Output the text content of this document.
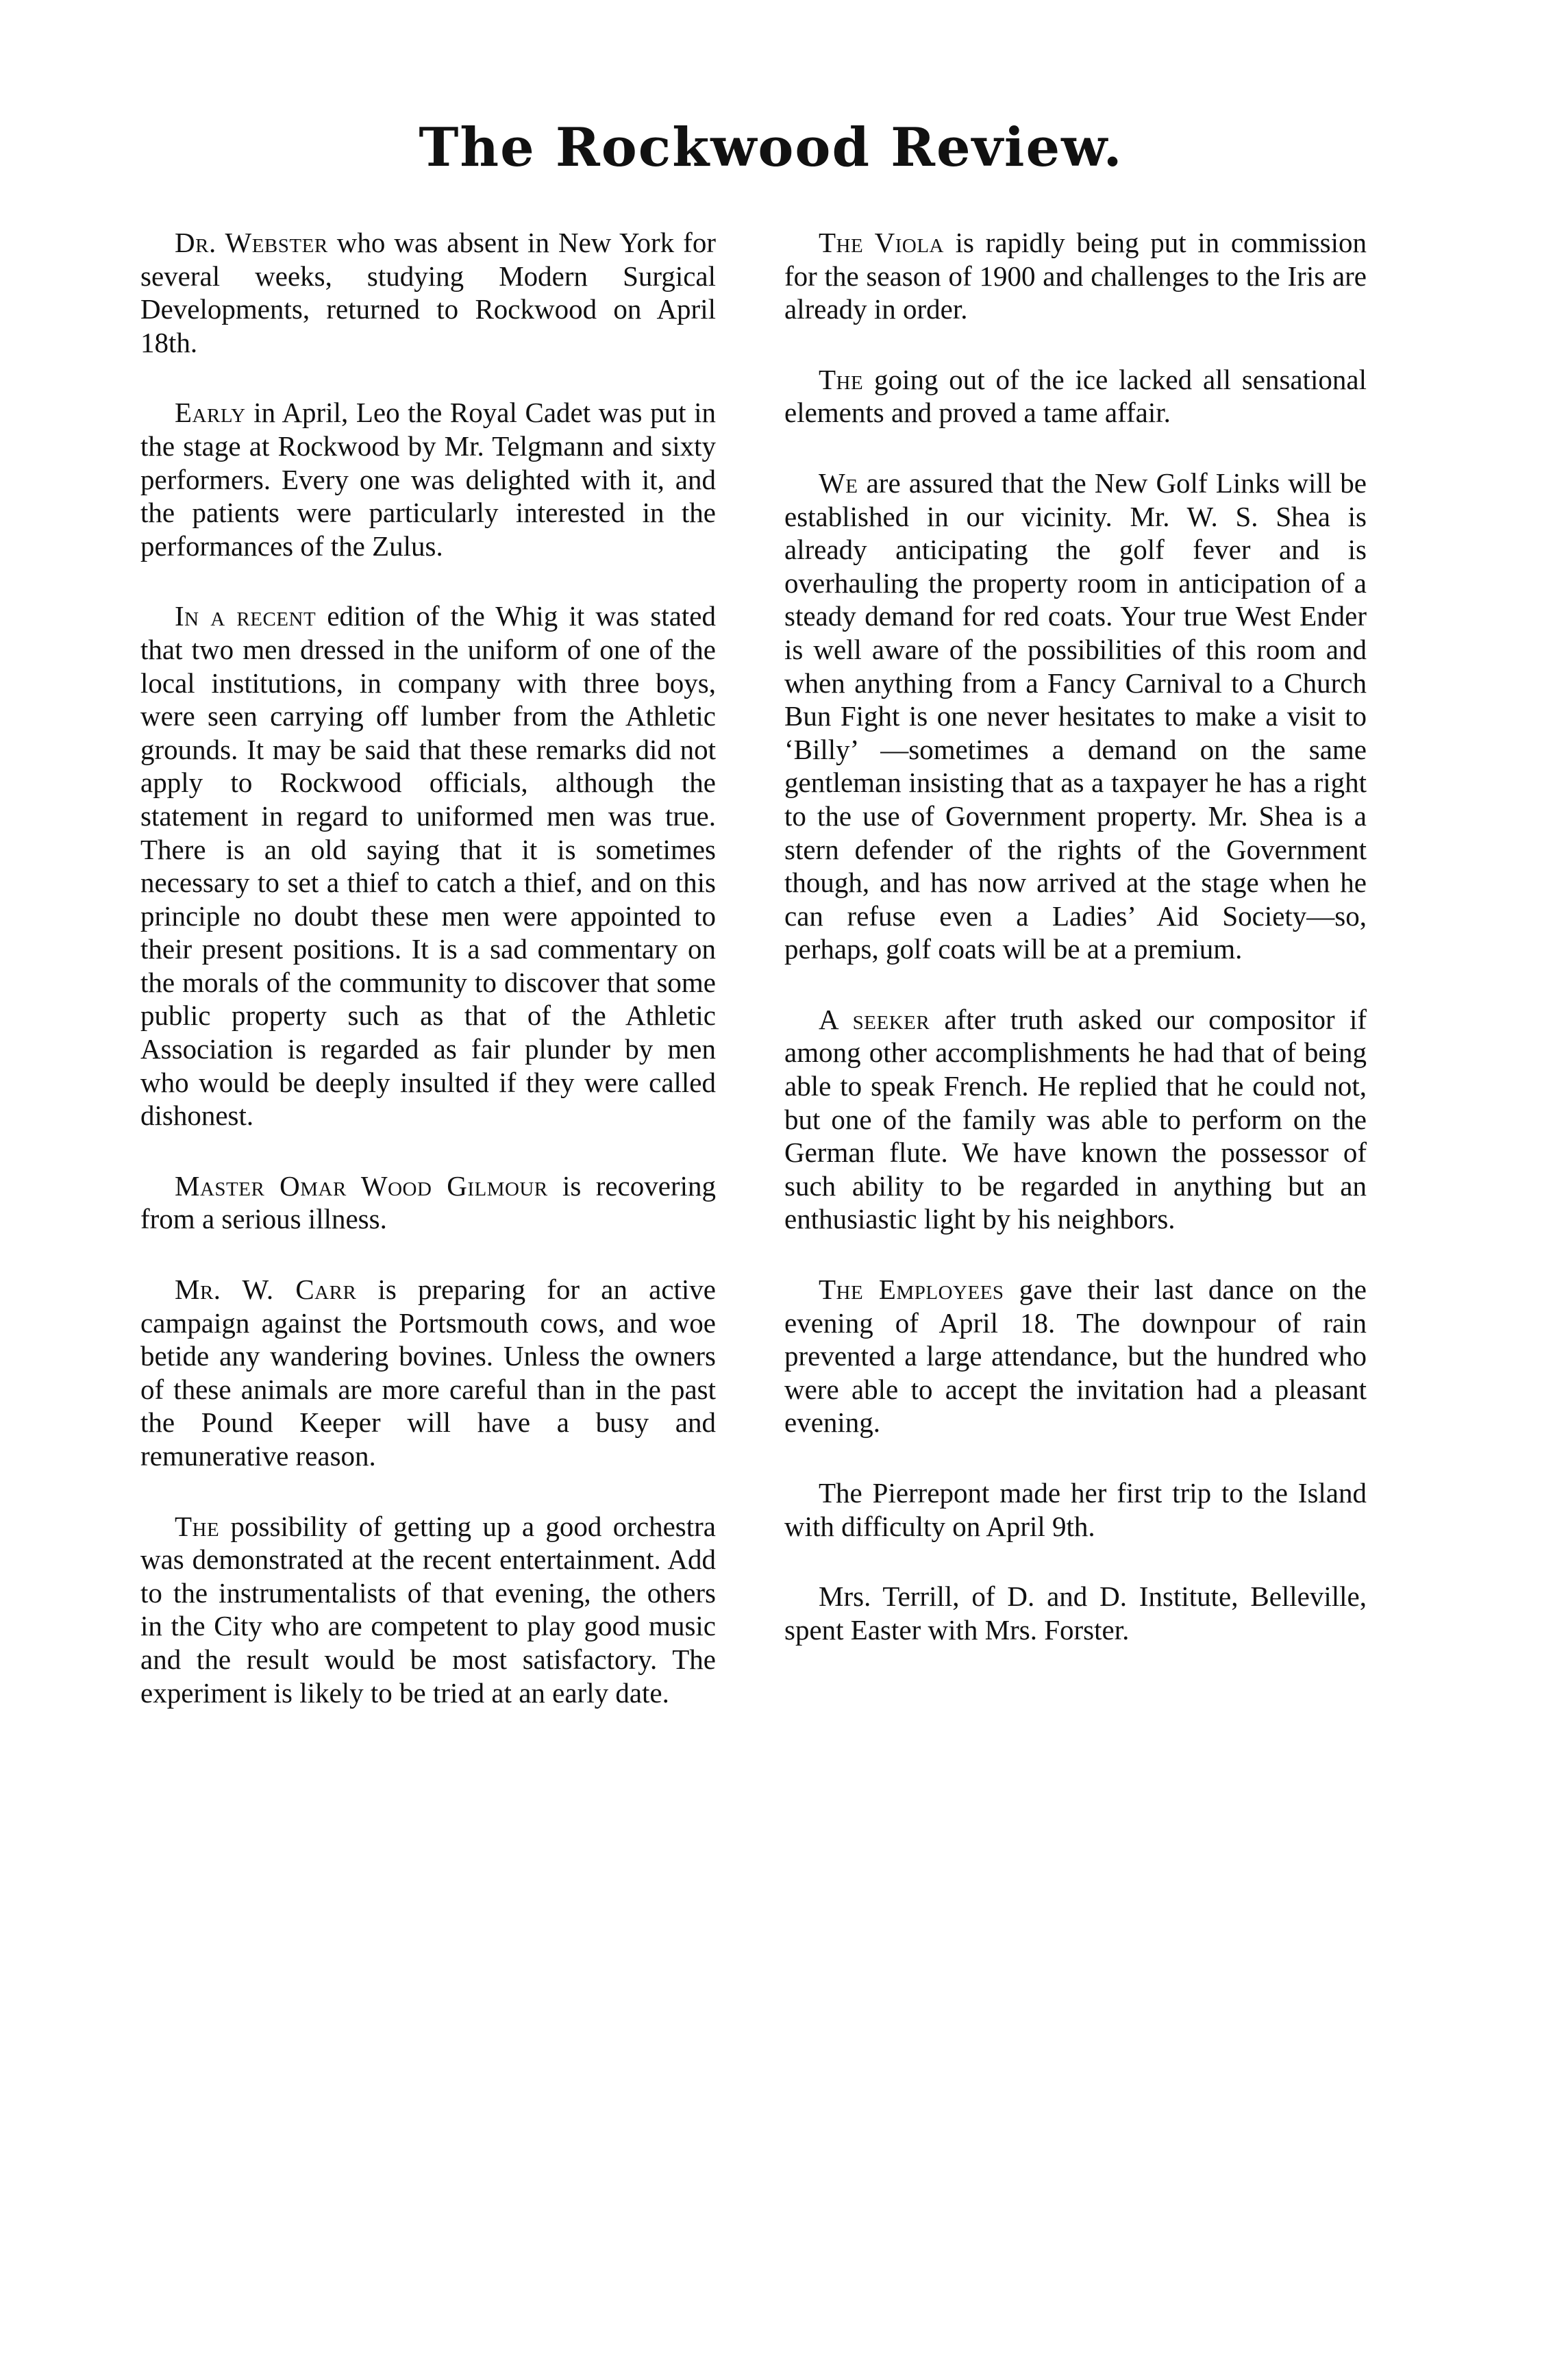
The Rockwood Review.

Dr. Webster who was absent in New York for several weeks, studying Modern Surgical Developments, returned to Rockwood on April 18th.

Early in April, Leo the Royal Cadet was put in the stage at Rockwood by Mr. Telgmann and sixty performers. Every one was delighted with it, and the patients were particularly interested in the performances of the Zulus.

In a recent edition of the Whig it was stated that two men dressed in the uniform of one of the local institutions, in company with three boys, were seen carrying off lumber from the Athletic grounds. It may be said that these remarks did not apply to Rockwood officials, although the statement in regard to uniformed men was true. There is an old saying that it is sometimes necessary to set a thief to catch a thief, and on this principle no doubt these men were appointed to their present positions. It is a sad commentary on the morals of the community to discover that some public property such as that of the Athletic Association is regarded as fair plunder by men who would be deeply insulted if they were called dishonest.

Master Omar Wood Gilmour is recovering from a serious illness.

Mr. W. Carr is preparing for an active campaign against the Portsmouth cows, and woe betide any wandering bovines. Unless the owners of these animals are more careful than in the past the Pound Keeper will have a busy and remunerative reason.

The possibility of getting up a good orchestra was demonstrated at the recent entertainment. Add to the instrumentalists of that evening, the others in the City who are competent to play good music and the result would be most satisfactory. The experiment is likely to be tried at an early date.

The Viola is rapidly being put in commission for the season of 1900 and challenges to the Iris are already in order.

The going out of the ice lacked all sensational elements and proved a tame affair.

We are assured that the New Golf Links will be established in our vicinity. Mr. W. S. Shea is already anticipating the golf fever and is overhauling the property room in anticipation of a steady demand for red coats. Your true West Ender is well aware of the possibilities of this room and when anything from a Fancy Carnival to a Church Bun Fight is one never hesitates to make a visit to ‘Billy’ —sometimes a demand on the same gentleman insisting that as a taxpayer he has a right to the use of Government property. Mr. Shea is a stern defender of the rights of the Government though, and has now arrived at the stage when he can refuse even a Ladies’ Aid Society—so, perhaps, golf coats will be at a premium.

A seeker after truth asked our compositor if among other accomplishments he had that of being able to speak French. He replied that he could not, but one of the family was able to perform on the German flute. We have known the possessor of such ability to be regarded in anything but an enthusiastic light by his neighbors.

The Employees gave their last dance on the evening of April 18. The downpour of rain prevented a large attendance, but the hundred who were able to accept the invitation had a pleasant evening.

The Pierrepont made her first trip to the Island with difficulty on April 9th.

Mrs. Terrill, of D. and D. Institute, Belleville, spent Easter with Mrs. Forster.
